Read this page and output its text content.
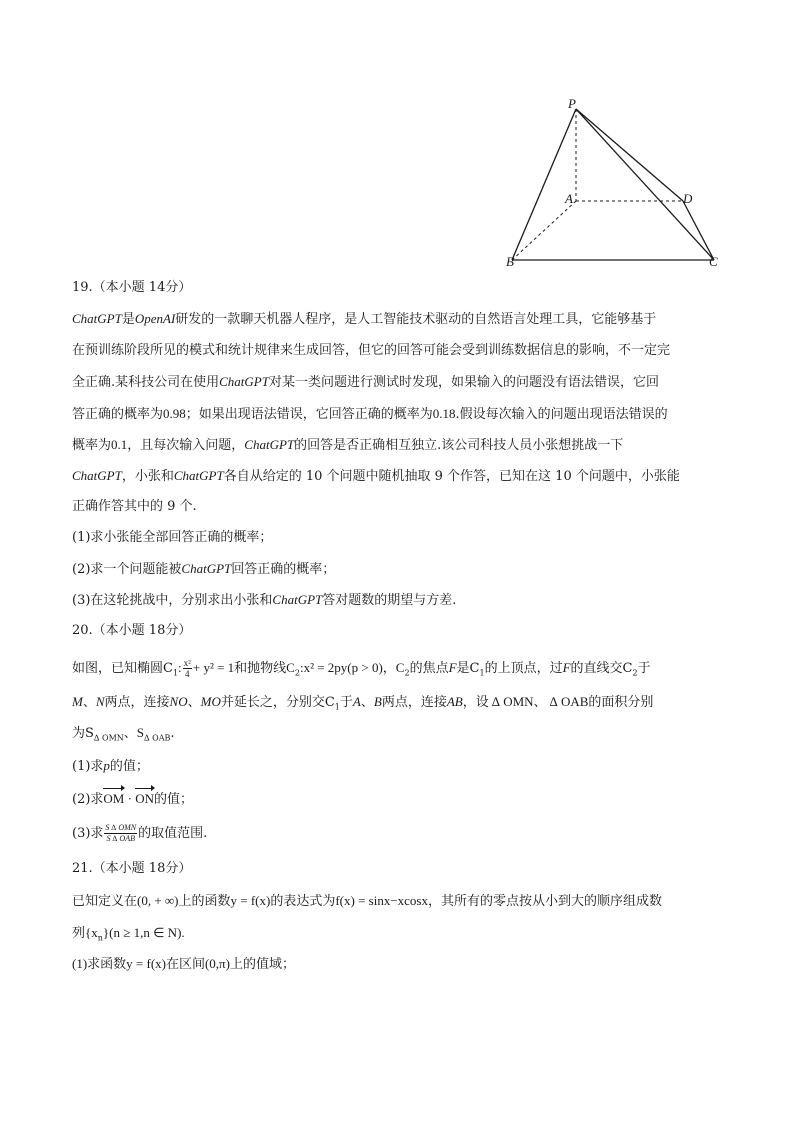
P
A	D
B	C
19.（本小题 14分）
ChatGPT是OpenAI研发的一款聊天机器人程序，是人工智能技术驱动的自然语言处理工具，它能够基于
在预训练阶段所见的模式和统计规律来生成回答，但它的回答可能会受到训练数据信息的影响，不一定完
全正确.某科技公司在使用ChatGPT对某一类问题进行测试时发现，如果输入的问题没有语法错误，它回
答正确的概率为0.98；如果出现语法错误，它回答正确的概率为0.18.假设每次输入的问题出现语法错误的
概率为0.1，且每次输入问题，ChatGPT的回答是否正确相互独立.该公司科技人员小张想挑战一下
ChatGPT，小张和ChatGPT各自从给定的 10 个问题中随机抽取 9 个作答，已知在这 10 个问题中，小张能
正确作答其中的 9 个.
(1)求小张能全部回答正确的概率；
(2)求一个问题能被ChatGPT回答正确的概率；
(3)在这轮挑战中，分别求出小张和ChatGPT答对题数的期望与方差.
20.（本小题 18分）
如图，已知椭圆$C_1$: $\frac{\text{x²}}{4} + y^2 = 1$和抛物线$C_2:x^2 = 2py(p > 0)$，$C_2$的焦点F是$C_1$的上顶点，过F的直线交$C_2$于
M、N两点，连接NO、MO并延长之，分别交$C_1$于A、B两点，连接AB，设 ∆ OMN、 ∆ OAB的面积分别
为$S_{\Delta OMN}$、$S_{\Delta OAB}$.
(1)求p的值；
(2)求OM · ON的值；
(3)求 $\frac{\text{S ∆ OMN}}{\text{S ∆ OAB}}$ 的取值范围.
21.（本小题 18分）
已知定义在(0, + ∞)上的函数y = f(x)的表达式为f(x) = sinx−xcosx，其所有的零点按从小到大的顺序组成数
列$\{x_n\}(n \ge 1,n$ ∈ N).
(1)求函数y = f(x)在区间(0,π)上的值域；
